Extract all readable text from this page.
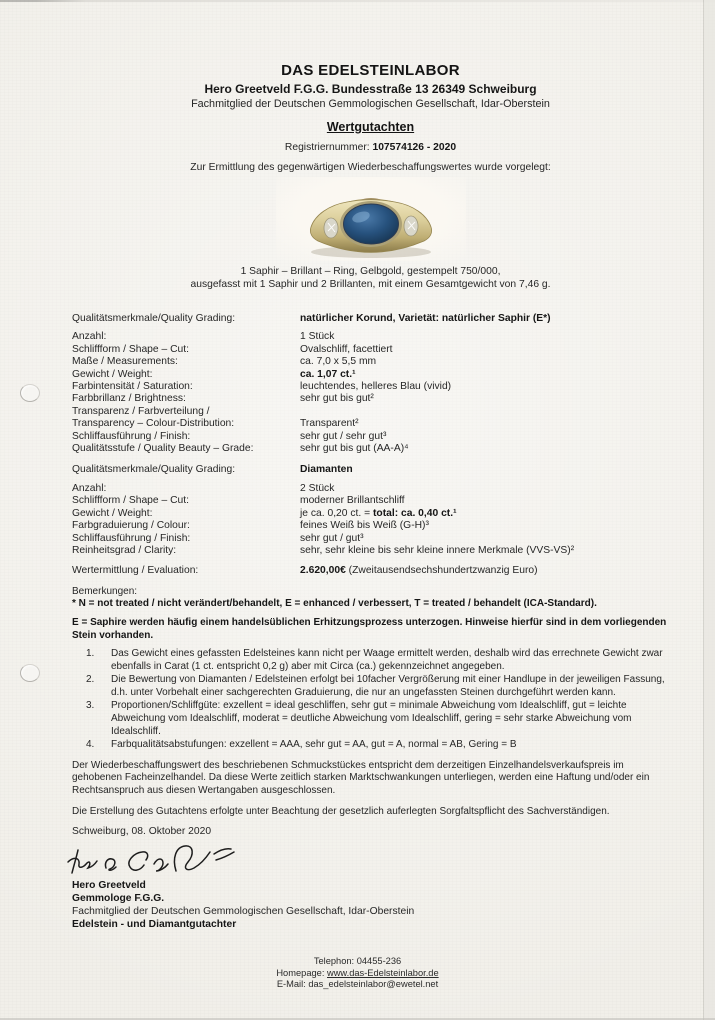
DAS EDELSTEINLABOR
Hero Greetveld F.G.G. Bundesstraße 13 26349 Schweiburg
Fachmitglied der Deutschen Gemmologischen Gesellschaft, Idar-Oberstein
Wertgutachten
Registriernummer: 107574126 - 2020
Zur Ermittlung des gegenwärtigen Wiederbeschaffungswertes wurde vorgelegt:
1 Saphir – Brillant – Ring, Gelbgold, gestempelt 750/000,
ausgefasst mit 1 Saphir und 2 Brillanten, mit einem Gesamtgewicht von 7,46 g.
Qualitätsmerkmale/Quality Grading:	natürlicher Korund, Varietät: natürlicher Saphir (E*)
Anzahl:	1 Stück
Schliffform / Shape – Cut:	Ovalschliff, facettiert
Maße / Measurements:	ca. 7,0 x 5,5 mm
Gewicht / Weight:	ca. 1,07 ct.¹
Farbintensität / Saturation:	leuchtendes, helleres Blau (vivid)
Farbbrillanz / Brightness:	sehr gut bis gut²
Transparenz / Farbverteilung /
Transparency – Colour-Distribution:	Transparent²
Schliffausführung / Finish:	sehr gut / sehr gut³
Qualitätsstufe / Quality Beauty – Grade:	sehr gut bis gut (AA-A)⁴
Qualitätsmerkmale/Quality Grading:	Diamanten
Anzahl:	2 Stück
Schliffform / Shape – Cut:	moderner Brillantschliff
Gewicht / Weight:	je ca. 0,20 ct. = total: ca. 0,40 ct.¹
Farbgraduierung / Colour:	feines Weiß bis Weiß (G-H)³
Schliffausführung / Finish:	sehr gut / gut³
Reinheitsgrad / Clarity:	sehr, sehr kleine bis sehr kleine innere Merkmale (VVS-VS)²
Wertermittlung / Evaluation:	2.620,00€ (Zweitausendsechshundertzwanzig Euro)
Bemerkungen:
* N = not treated / nicht verändert/behandelt, E = enhanced / verbessert, T = treated / behandelt (ICA-Standard).
E = Saphire werden häufig einem handelsüblichen Erhitzungsprozess unterzogen. Hinweise hierfür sind in dem vorliegenden Stein vorhanden.
1.	Das Gewicht eines gefassten Edelsteines kann nicht per Waage ermittelt werden, deshalb wird das errechnete Gewicht zwar ebenfalls in Carat (1 ct. entspricht 0,2 g) aber mit Circa (ca.) gekennzeichnet angegeben.
2.	Die Bewertung von Diamanten / Edelsteinen erfolgt bei 10facher Vergrößerung mit einer Handlupe in der jeweiligen Fassung, d.h. unter Vorbehalt einer sachgerechten Graduierung, die nur an ungefassten Steinen durchgeführt werden kann.
3.	Proportionen/Schliffgüte: exzellent = ideal geschliffen, sehr gut = minimale Abweichung vom Idealschliff, gut = leichte Abweichung vom Idealschliff, moderat = deutliche Abweichung vom Idealschliff, gering = sehr starke Abweichung vom Idealschliff.
4.	Farbqualitätsabstufungen: exzellent = AAA, sehr gut = AA, gut = A, normal = AB, Gering = B
Der Wiederbeschaffungswert des beschriebenen Schmuckstückes entspricht dem derzeitigen Einzelhandelsverkaufspreis im gehobenen Facheinzelhandel. Da diese Werte zeitlich starken Marktschwankungen unterliegen, werden eine Haftung und/oder ein Rechtsanspruch aus diesen Wertangaben ausgeschlossen.
Die Erstellung des Gutachtens erfolgte unter Beachtung der gesetzlich auferlegten Sorgfaltspflicht des Sachverständigen.
Schweiburg, 08. Oktober 2020
Hero Greetveld
Gemmologe F.G.G.
Fachmitglied der Deutschen Gemmologischen Gesellschaft, Idar-Oberstein
Edelstein - und Diamantgutachter
Telephon: 04455-236
Homepage: www.das-Edelsteinlabor.de
E-Mail: das_edelsteinlabor@ewetel.net
